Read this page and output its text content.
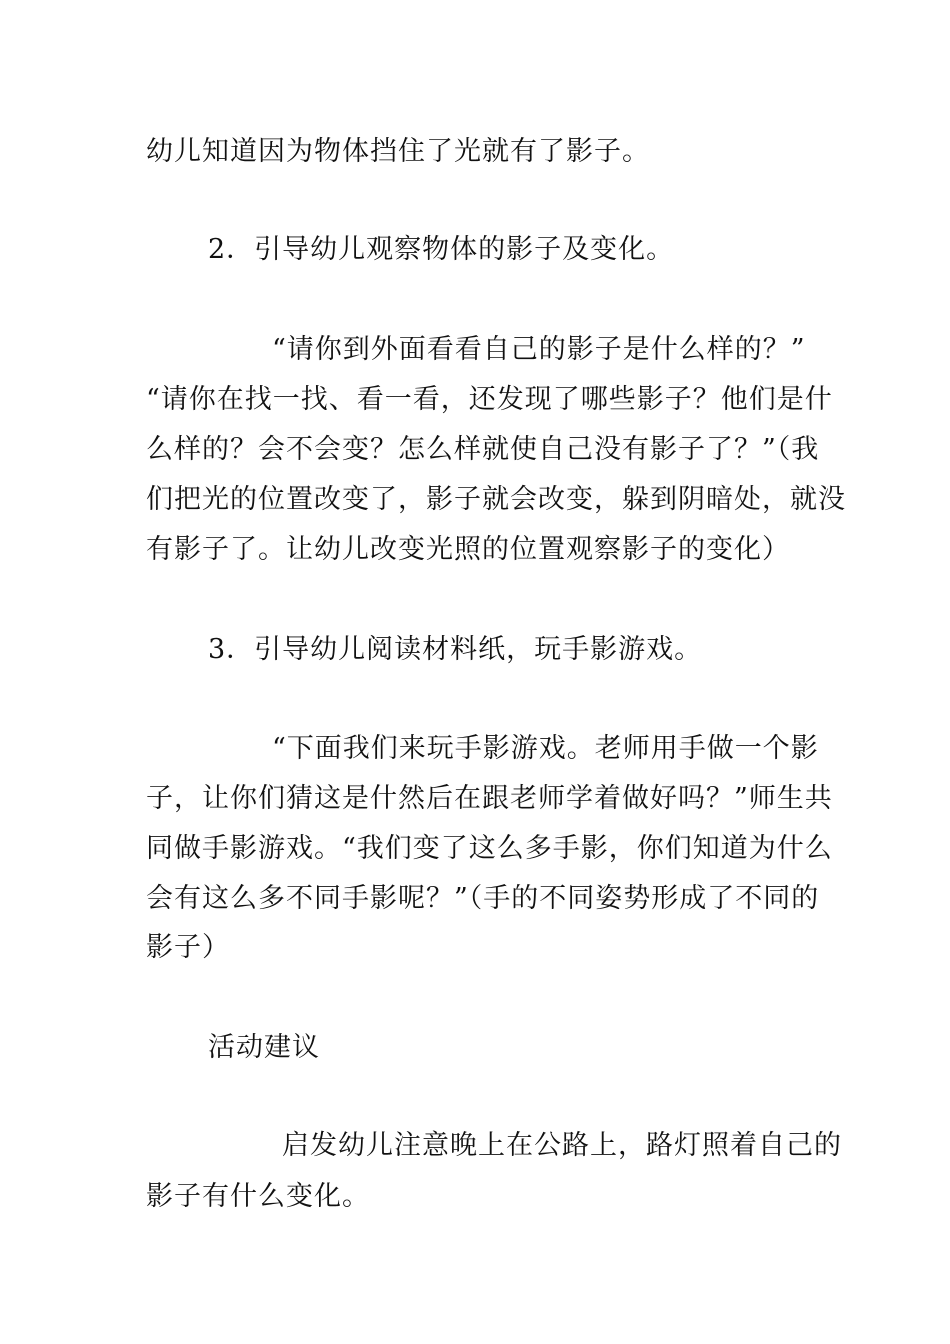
幼儿知道因为物体挡住了光就有了影子。
2．引导幼儿观察物体的影子及变化。
“请你到外面看看自己的影子是什么样的？”
“请你在找一找、看一看，还发现了哪些影子？他们是什
么样的？会不会变？怎么样就使自己没有影子了？”（我
们把光的位置改变了，影子就会改变，躲到阴暗处，就没
有影子了。让幼儿改变光照的位置观察影子的变化）
3．引导幼儿阅读材料纸，玩手影游戏。
“下面我们来玩手影游戏。老师用手做一个影
子，让你们猜这是什然后在跟老师学着做好吗？”师生共
同做手影游戏。“我们变了这么多手影，你们知道为什么
会有这么多不同手影呢？”（手的不同姿势形成了不同的
影子）
活动建议
启发幼儿注意晚上在公路上，路灯照着自己的
影子有什么变化。
